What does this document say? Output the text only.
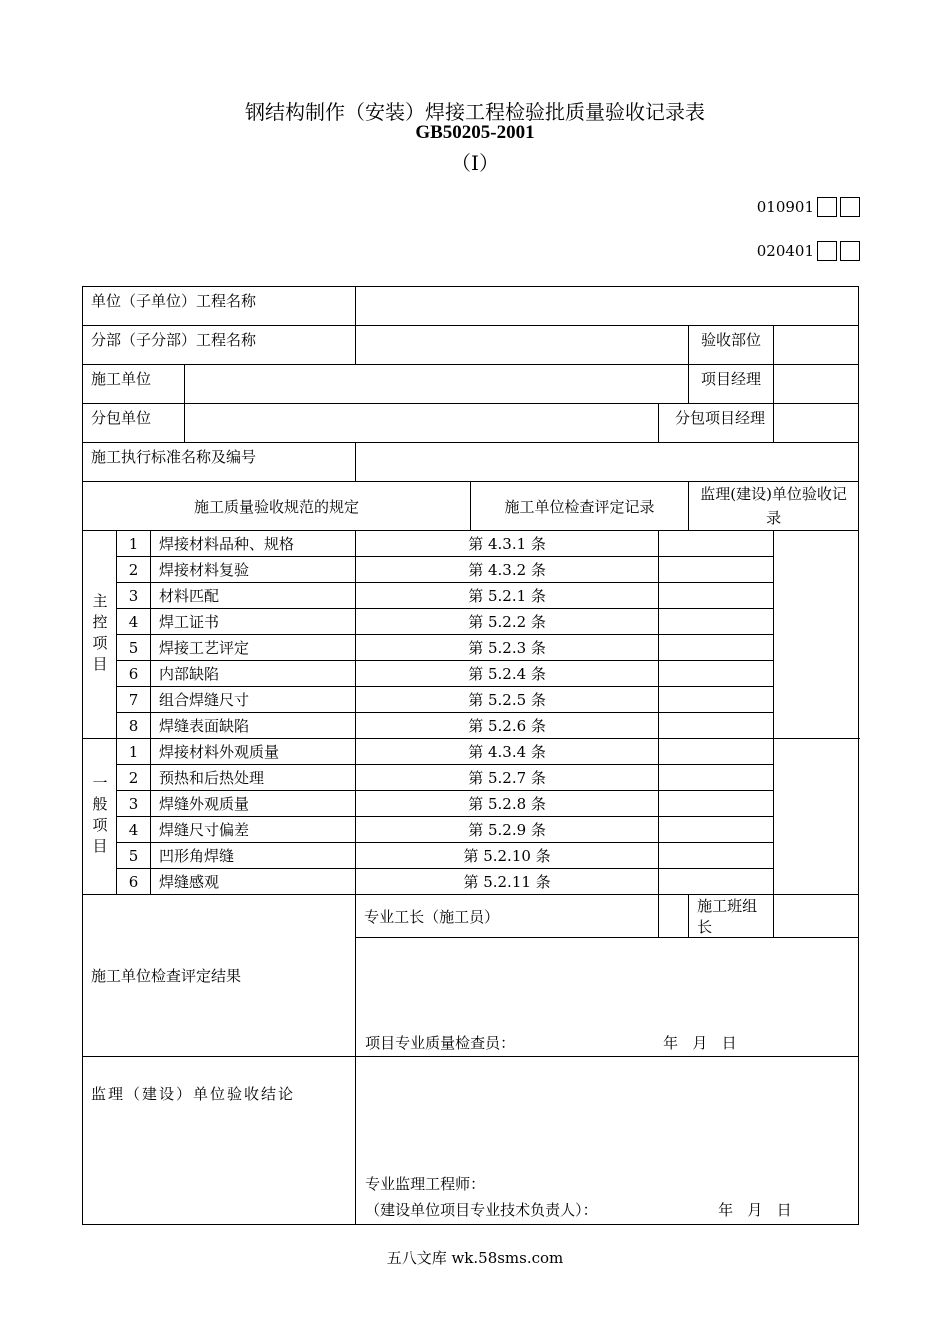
钢结构制作（安装）焊接工程检验批质量验收记录表
GB50205-2001
（Ⅰ）
010901
020401
单位（子单位）工程名称								
分部（子分部）工程名称							验收部位	
施工单位							项目经理	
分包单位						分包项目经理		
施工执行标准名称及编号								
施工质量验收规范的规定					施工单位检查评定记录		监理(建设)单位验收记录	
主控项目	1	焊接材料品种、规格		第 4.3.1 条				
	2	焊接材料复验		第 4.3.2 条				
	3	材料匹配		第 5.2.1 条				
	4	焊工证书		第 5.2.2 条				
	5	焊接工艺评定		第 5.2.3 条				
	6	内部缺陷		第 5.2.4 条				
	7	组合焊缝尺寸		第 5.2.5 条				
	8	焊缝表面缺陷		第 5.2.6 条				
一般项目	1	焊接材料外观质量		第 4.3.4 条				
	2	预热和后热处理		第 5.2.7 条				
	3	焊缝外观质量		第 5.2.8 条				
	4	焊缝尺寸偏差		第 5.2.9 条				
	5	凹形角焊缝		第 5.2.10 条				
	6	焊缝感观		第 5.2.11 条				
施工单位检查评定结果				专业工长（施工员）			施工班组长	

				项目专业质量检查员： 年   月   日				

监理（建设）单位验收结论				专业监理工程师：
（建设单位项目专业技术负责人）： 年   月   日				
五八文库 wk.58sms.com
